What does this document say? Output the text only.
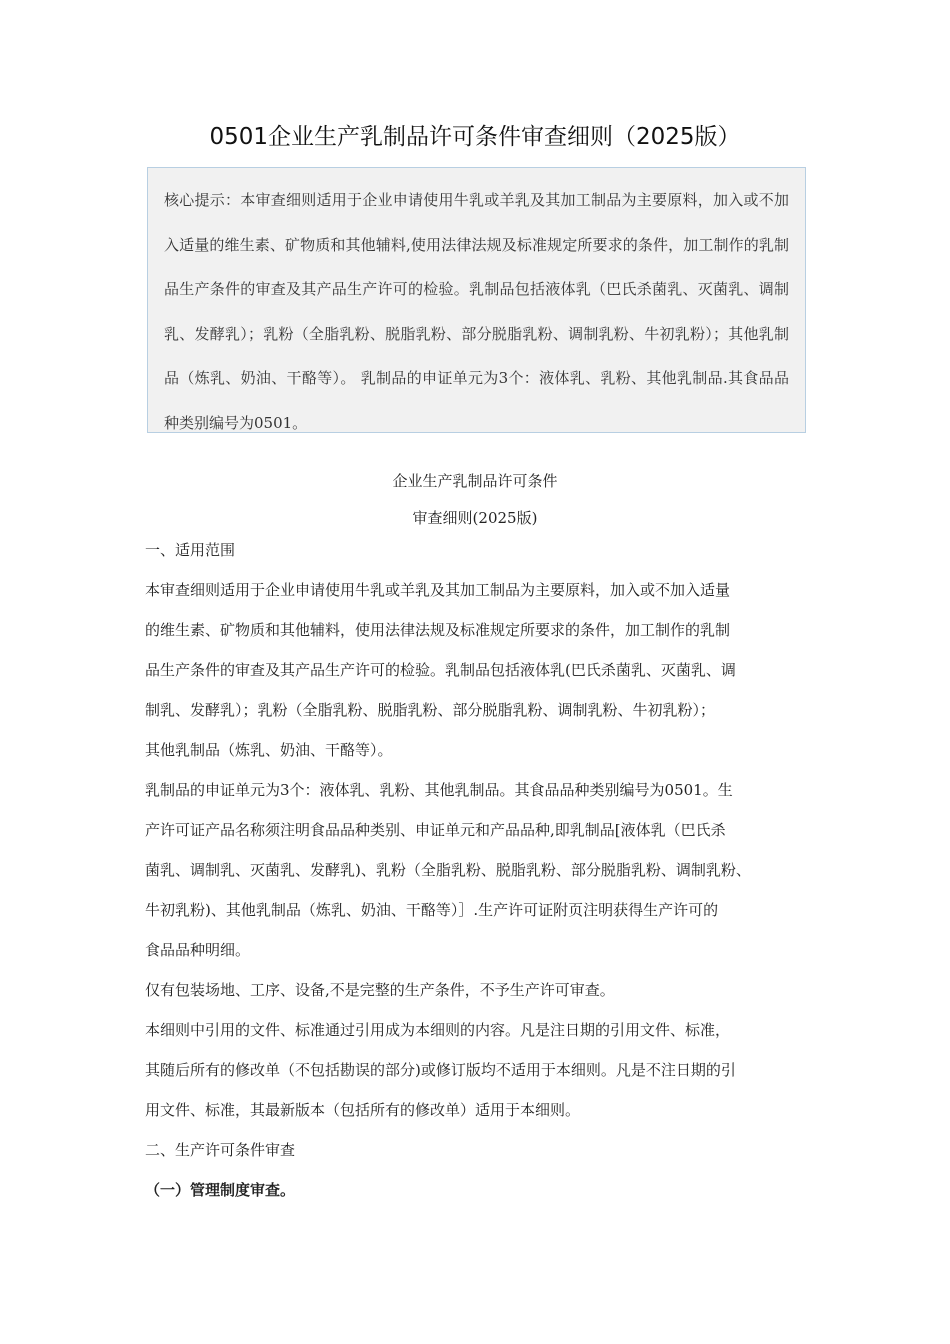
0501企业生产乳制品许可条件审查细则（2025版）

核心提示：本审查细则适用于企业申请使用牛乳或羊乳及其加工制品为主要原料，加入或不加入适量的维生素、矿物质和其他辅料,使用法律法规及标准规定所要求的条件，加工制作的乳制品生产条件的审查及其产品生产许可的检验。乳制品包括液体乳（巴氏杀菌乳、灭菌乳、调制乳、发酵乳）；乳粉（全脂乳粉、脱脂乳粉、部分脱脂乳粉、调制乳粉、牛初乳粉）；其他乳制品（炼乳、奶油、干酪等）。 乳制品的申证单元为3个：液体乳、乳粉、其他乳制品.其食品品种类别编号为0501。

企业生产乳制品许可条件
审查细则(2025版)
一、适用范围
本审查细则适用于企业申请使用牛乳或羊乳及其加工制品为主要原料，加入或不加入适量
的维生素、矿物质和其他辅料，使用法律法规及标准规定所要求的条件，加工制作的乳制
品生产条件的审查及其产品生产许可的检验。乳制品包括液体乳(巴氏杀菌乳、灭菌乳、调
制乳、发酵乳）；乳粉（全脂乳粉、脱脂乳粉、部分脱脂乳粉、调制乳粉、牛初乳粉）；
其他乳制品（炼乳、奶油、干酪等）。
乳制品的申证单元为3个：液体乳、乳粉、其他乳制品。其食品品种类别编号为0501。生
产许可证产品名称须注明食品品种类别、申证单元和产品品种,即乳制品[液体乳（巴氏杀
菌乳、调制乳、灭菌乳、发酵乳)、乳粉（全脂乳粉、脱脂乳粉、部分脱脂乳粉、调制乳粉、
牛初乳粉)、其他乳制品（炼乳、奶油、干酪等）］.生产许可证附页注明获得生产许可的
食品品种明细。
仅有包装场地、工序、设备,不是完整的生产条件，不予生产许可审查。
本细则中引用的文件、标准通过引用成为本细则的内容。凡是注日期的引用文件、标准，
其随后所有的修改单（不包括勘误的部分)或修订版均不适用于本细则。凡是不注日期的引
用文件、标准，其最新版本（包括所有的修改单）适用于本细则。
二、生产许可条件审查
（一）管理制度审查。
